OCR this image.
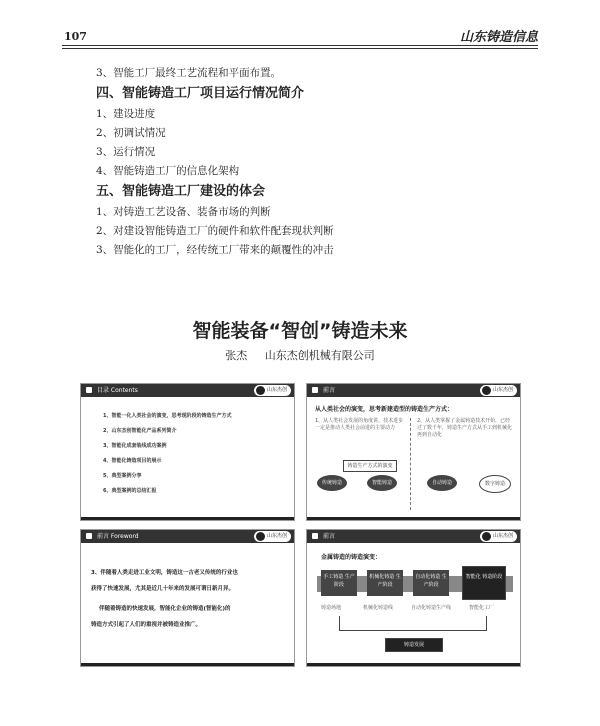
107	山东铸造信息
3、智能工厂最终工艺流程和平面布置。
四、智能铸造工厂项目运行情况简介
1、建设进度
2、初调试情况
3、运行情况
4、智能铸造工厂的信息化架构
五、智能铸造工厂建设的体会
1、对铸造工艺设备、装备市场的判断
2、对建设智能铸造工厂的硬件和软件配套现状判断
3、智能化的工厂，经传统工厂带来的颠覆性的冲击
智能装备“智创”铸造未来
张杰 山东杰创机械有限公司
目录 Contents	山东杰创
1、智能一化人类社会的演变，思考现阶段的铸造生产方式
2、山东杰创智能化产品系列简介
3、智能化成套装线成功案例
4、智能化铸造项目的展示
5、典型案例分享
6、典型案例的总结汇报
前言	山东杰创
从人类社会的演变，思考新建造型的铸造生产方式：
1、从人类社会发展的角度讲，技术进步一定是推动人类社会前进的主要动力
2、从人类掌握了金属铸造技术开始，已经过了数千年，铸造生产方式从手工到机械化再到自动化
铸造生产方式的演变
传统铸造	智能铸造	自动铸造	数字铸造
前言 Foreword	山东杰创
3、伴随着人类走进工业文明，铸造这一古老又传统的行业也
获得了快速发展，尤其是近几十年来的发展可谓日新月异。
伴随着铸造的快速发展，智能化企业的铸造(智能化)的
铸造方式引起了人们的重视并被铸造业推广。
前言	山东杰创
金属铸造的铸造演变：
手工铸造 生产阶段
机械化铸造 生产阶段
自动化铸造 生产阶段
智能化 铸造阶段
铸造场地	机械化铸造线	自动化铸造生产线	智能化工厂
铸造发展
